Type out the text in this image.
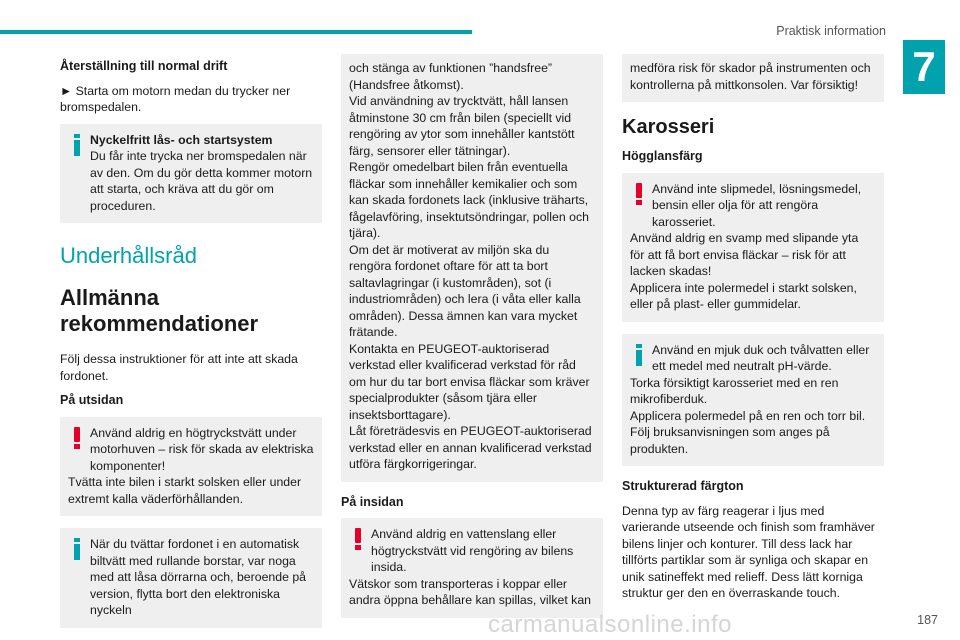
Praktisk information
7
Återställning till normal drift

► Starta om motorn medan du trycker ner bromspedalen.

Nyckelfritt lås- och startsystem
Du får inte trycka ner bromspedalen när av den. Om du gör detta kommer motorn att starta, och kräva att du gör om proceduren.
Underhållsråd
Allmänna rekommendationer

Följ dessa instruktioner för att inte att skada fordonet.

På utsidan
Använd aldrig en högtryckstvätt under motorhuven – risk för skada av elektriska komponenter!
Tvätta inte bilen i starkt solsken eller under extremt kalla väderförhållanden.
När du tvättar fordonet i en automatisk biltvätt med rullande borstar, var noga med att låsa dörrarna och, beroende på version, flytta bort den elektroniska nyckeln
och stänga av funktionen ”handsfree” (Handsfree åtkomst).
Vid användning av trycktvätt, håll lansen åtminstone 30 cm från bilen (speciellt vid rengöring av ytor som innehåller kantstött färg, sensorer eller tätningar).
Rengör omedelbart bilen från eventuella fläckar som innehåller kemikalier och som kan skada fordonets lack (inklusive träharts, fågelavföring, insektutsöndringar, pollen och tjära).
Om det är motiverat av miljön ska du rengöra fordonet oftare för att ta bort saltavlagringar (i kustområden), sot (i industriområden) och lera (i våta eller kalla områden). Dessa ämnen kan vara mycket frätande.
Kontakta en PEUGEOT-auktoriserad verkstad eller kvalificerad verkstad för råd om hur du tar bort envisa fläckar som kräver specialprodukter (såsom tjära eller insektsborttagare).
Låt företrädesvis en PEUGEOT-auktoriserad verkstad eller en annan kvalificerad verkstad utföra färgkorrigeringar.
På insidan
Använd aldrig en vattenslang eller högtryckstvätt vid rengöring av bilens insida.
Vätskor som transporteras i koppar eller andra öppna behållare kan spillas, vilket kan
medföra risk för skador på instrumenten och kontrollerna på mittkonsolen. Var försiktig!
Karosseri
Högglansfärg
Använd inte slipmedel, lösningsmedel, bensin eller olja för att rengöra karosseriet.
Använd aldrig en svamp med slipande yta för att få bort envisa fläckar – risk för att lacken skadas!
Applicera inte polermedel i starkt solsken, eller på plast- eller gummidelar.
Använd en mjuk duk och tvålvatten eller ett medel med neutralt pH-värde.
Torka försiktigt karosseriet med en ren mikrofiberduk.
Applicera polermedel på en ren och torr bil.
Följ bruksanvisningen som anges på produkten.
Strukturerad färgton

Denna typ av färg reagerar i ljus med varierande utseende och finish som framhäver bilens linjer och konturer. Till dess lack har tillförts partiklar som är synliga och skapar en unik satineffekt med relieff. Dess lätt korniga struktur ger den en överraskande touch.

carmanualsonline.info	187
